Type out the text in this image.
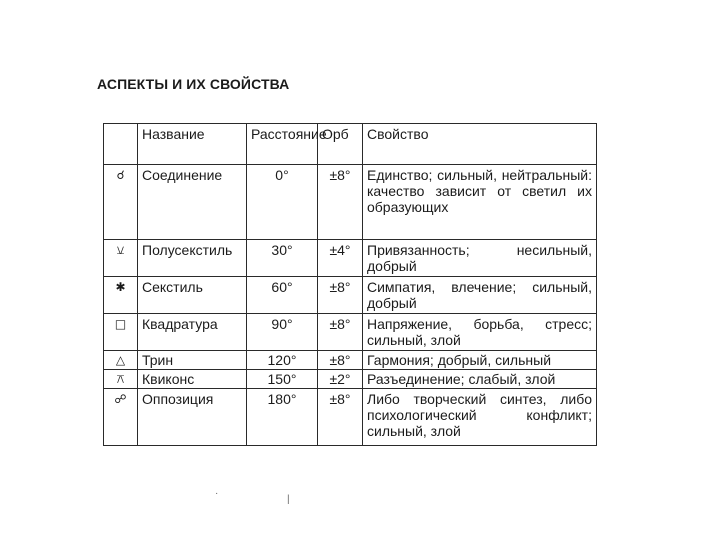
АСПЕКТЫ И ИХ СВОЙСТВА
	Название	Расстояние	Орб	Свойство
☌	Соединение	0°	±8°	Единство; сильный, нейтральный: качество зависит от светил их образующих
⚺	Полусекстиль	30°	±4°	Привязанность; несильный, добрый
✱	Секстиль	60°	±8°	Симпатия, влечение; сильный, добрый
□	Квадратура	90°	±8°	Напряжение, борьба, стресс; сильный, злой
△	Трин	120°	±8°	Гармония; добрый, сильный
⚻	Квиконс	150°	±2°	Разъединение; слабый, злой
☍	Оппозиция	180°	±8°	Либо творческий синтез, либо психологический конфликт; сильный, злой
·
|
